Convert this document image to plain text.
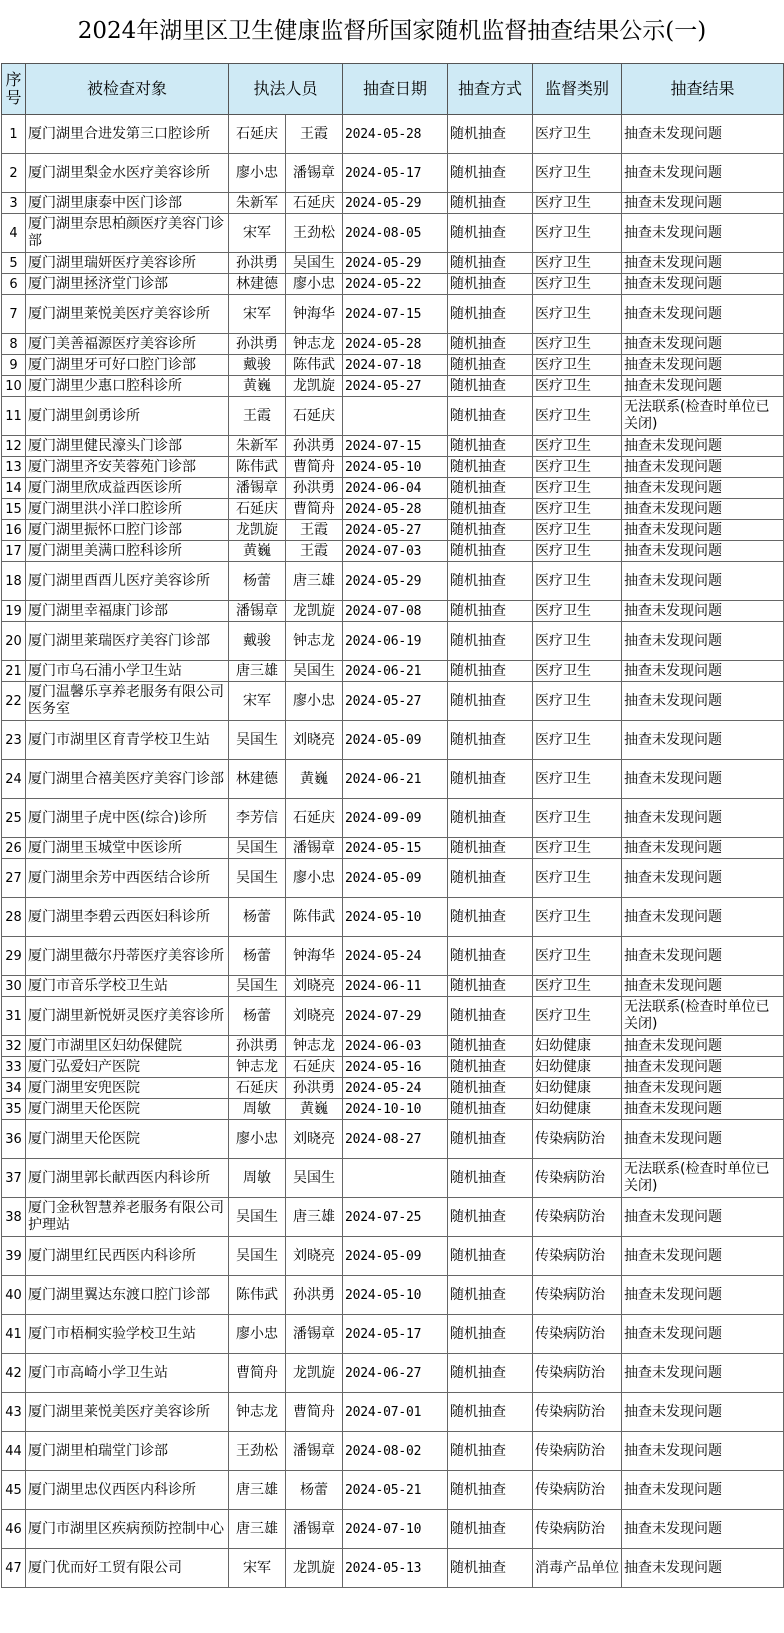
2024年湖里区卫生健康监督所国家随机监督抽查结果公示(一)
序号	被检查对象	执法人员		抽查日期	抽查方式	监督类别	抽查结果
1	厦门湖里合进发第三口腔诊所	石延庆	王霞	2024-05-28	随机抽查	医疗卫生	抽查未发现问题
2	厦门湖里梨金水医疗美容诊所	廖小忠	潘锡章	2024-05-17	随机抽查	医疗卫生	抽查未发现问题
3	厦门湖里康泰中医门诊部	朱新军	石延庆	2024-05-29	随机抽查	医疗卫生	抽查未发现问题
4	厦门湖里奈思柏颜医疗美容门诊部	宋军	王劲松	2024-08-05	随机抽查	医疗卫生	抽查未发现问题
5	厦门湖里瑞妍医疗美容诊所	孙洪勇	吴国生	2024-05-29	随机抽查	医疗卫生	抽查未发现问题
6	厦门湖里拯济堂门诊部	林建德	廖小忠	2024-05-22	随机抽查	医疗卫生	抽查未发现问题
7	厦门湖里莱悦美医疗美容诊所	宋军	钟海华	2024-07-15	随机抽查	医疗卫生	抽查未发现问题
8	厦门美善福源医疗美容诊所	孙洪勇	钟志龙	2024-05-28	随机抽查	医疗卫生	抽查未发现问题
9	厦门湖里牙可好口腔门诊部	戴骏	陈伟武	2024-07-18	随机抽查	医疗卫生	抽查未发现问题
10	厦门湖里少惠口腔科诊所	黄巍	龙凯旋	2024-05-27	随机抽查	医疗卫生	抽查未发现问题
11	厦门湖里剑勇诊所	王霞	石延庆		随机抽查	医疗卫生	无法联系(检查时单位已关闭)
12	厦门湖里健民濠头门诊部	朱新军	孙洪勇	2024-07-15	随机抽查	医疗卫生	抽查未发现问题
13	厦门湖里齐安芙蓉苑门诊部	陈伟武	曹简舟	2024-05-10	随机抽查	医疗卫生	抽查未发现问题
14	厦门湖里欣成益西医诊所	潘锡章	孙洪勇	2024-06-04	随机抽查	医疗卫生	抽查未发现问题
15	厦门湖里洪小洋口腔诊所	石延庆	曹简舟	2024-05-28	随机抽查	医疗卫生	抽查未发现问题
16	厦门湖里振怀口腔门诊部	龙凯旋	王霞	2024-05-27	随机抽查	医疗卫生	抽查未发现问题
17	厦门湖里美满口腔科诊所	黄巍	王霞	2024-07-03	随机抽查	医疗卫生	抽查未发现问题
18	厦门湖里酉酉儿医疗美容诊所	杨蕾	唐三雄	2024-05-29	随机抽查	医疗卫生	抽查未发现问题
19	厦门湖里幸福康门诊部	潘锡章	龙凯旋	2024-07-08	随机抽查	医疗卫生	抽查未发现问题
20	厦门湖里莱瑞医疗美容门诊部	戴骏	钟志龙	2024-06-19	随机抽查	医疗卫生	抽查未发现问题
21	厦门市乌石浦小学卫生站	唐三雄	吴国生	2024-06-21	随机抽查	医疗卫生	抽查未发现问题
22	厦门温馨乐享养老服务有限公司医务室	宋军	廖小忠	2024-05-27	随机抽查	医疗卫生	抽查未发现问题
23	厦门市湖里区育青学校卫生站	吴国生	刘晓亮	2024-05-09	随机抽查	医疗卫生	抽查未发现问题
24	厦门湖里合禧美医疗美容门诊部	林建德	黄巍	2024-06-21	随机抽查	医疗卫生	抽查未发现问题
25	厦门湖里子虎中医(综合)诊所	李芳信	石延庆	2024-09-09	随机抽查	医疗卫生	抽查未发现问题
26	厦门湖里玉城堂中医诊所	吴国生	潘锡章	2024-05-15	随机抽查	医疗卫生	抽查未发现问题
27	厦门湖里余芳中西医结合诊所	吴国生	廖小忠	2024-05-09	随机抽查	医疗卫生	抽查未发现问题
28	厦门湖里李碧云西医妇科诊所	杨蕾	陈伟武	2024-05-10	随机抽查	医疗卫生	抽查未发现问题
29	厦门湖里薇尔丹蒂医疗美容诊所	杨蕾	钟海华	2024-05-24	随机抽查	医疗卫生	抽查未发现问题
30	厦门市音乐学校卫生站	吴国生	刘晓亮	2024-06-11	随机抽查	医疗卫生	抽查未发现问题
31	厦门湖里新悦妍灵医疗美容诊所	杨蕾	刘晓亮	2024-07-29	随机抽查	医疗卫生	无法联系(检查时单位已关闭)
32	厦门市湖里区妇幼保健院	孙洪勇	钟志龙	2024-06-03	随机抽查	妇幼健康	抽查未发现问题
33	厦门弘爱妇产医院	钟志龙	石延庆	2024-05-16	随机抽查	妇幼健康	抽查未发现问题
34	厦门湖里安兜医院	石延庆	孙洪勇	2024-05-24	随机抽查	妇幼健康	抽查未发现问题
35	厦门湖里天伦医院	周敏	黄巍	2024-10-10	随机抽查	妇幼健康	抽查未发现问题
36	厦门湖里天伦医院	廖小忠	刘晓亮	2024-08-27	随机抽查	传染病防治	抽查未发现问题
37	厦门湖里郭长献西医内科诊所	周敏	吴国生		随机抽查	传染病防治	无法联系(检查时单位已关闭)
38	厦门金秋智慧养老服务有限公司护理站	吴国生	唐三雄	2024-07-25	随机抽查	传染病防治	抽查未发现问题
39	厦门湖里红民西医内科诊所	吴国生	刘晓亮	2024-05-09	随机抽查	传染病防治	抽查未发现问题
40	厦门湖里翼达东渡口腔门诊部	陈伟武	孙洪勇	2024-05-10	随机抽查	传染病防治	抽查未发现问题
41	厦门市梧桐实验学校卫生站	廖小忠	潘锡章	2024-05-17	随机抽查	传染病防治	抽查未发现问题
42	厦门市高崎小学卫生站	曹简舟	龙凯旋	2024-06-27	随机抽查	传染病防治	抽查未发现问题
43	厦门湖里莱悦美医疗美容诊所	钟志龙	曹简舟	2024-07-01	随机抽查	传染病防治	抽查未发现问题
44	厦门湖里柏瑞堂门诊部	王劲松	潘锡章	2024-08-02	随机抽查	传染病防治	抽查未发现问题
45	厦门湖里忠仪西医内科诊所	唐三雄	杨蕾	2024-05-21	随机抽查	传染病防治	抽查未发现问题
46	厦门市湖里区疾病预防控制中心	唐三雄	潘锡章	2024-07-10	随机抽查	传染病防治	抽查未发现问题
47	厦门优而好工贸有限公司	宋军	龙凯旋	2024-05-13	随机抽查	消毒产品单位	抽查未发现问题
